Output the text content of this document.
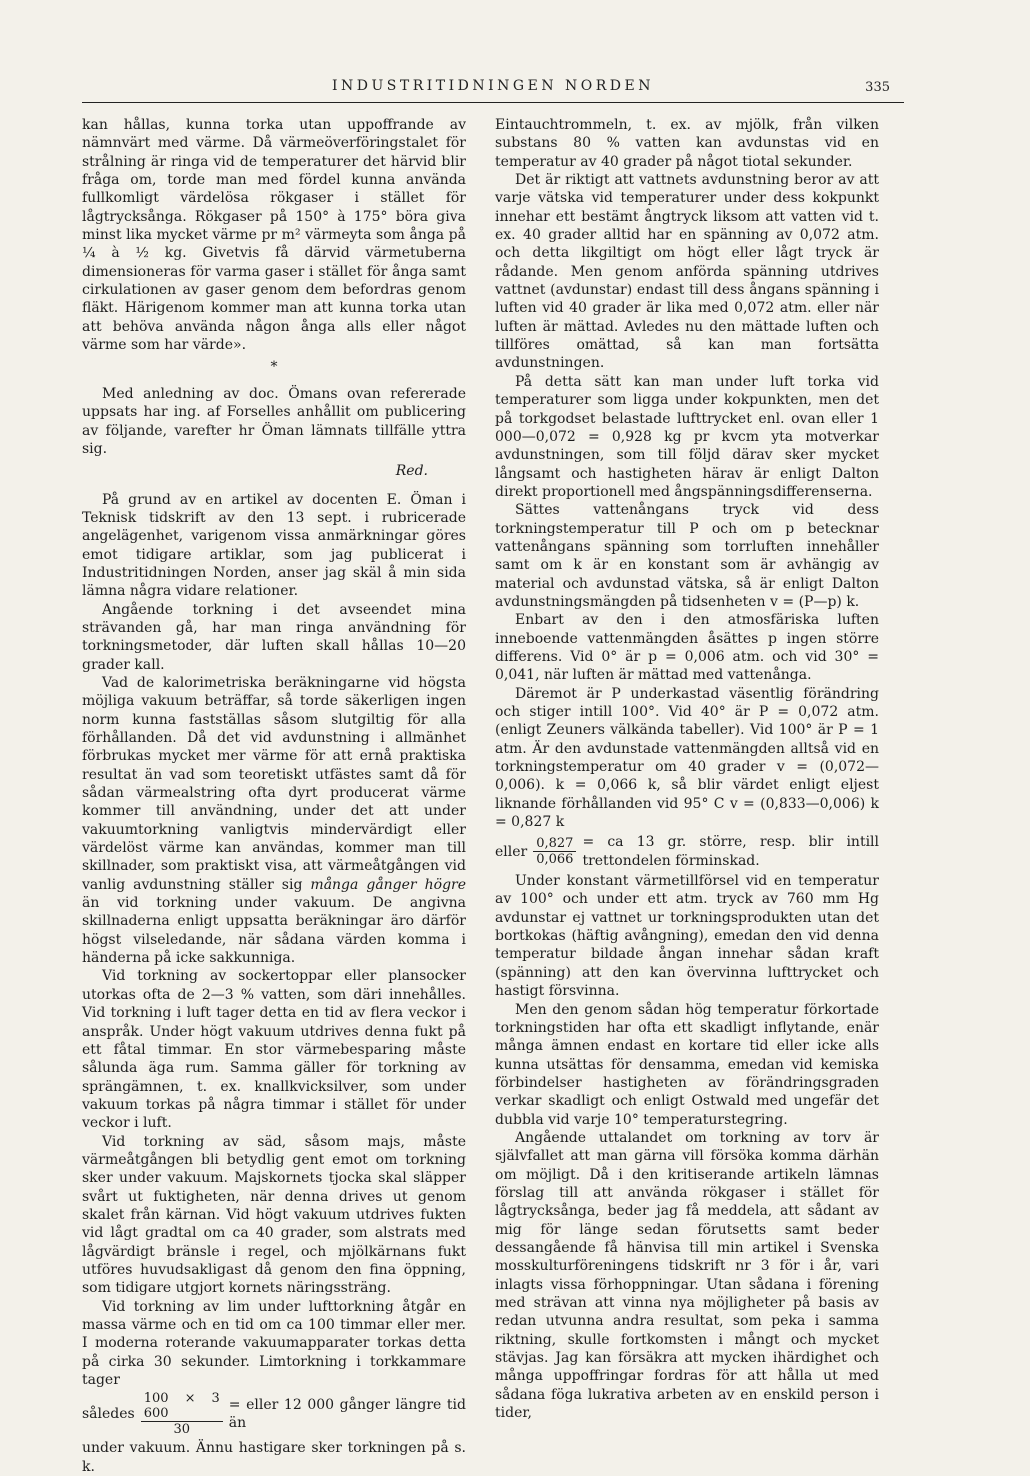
INDUSTRITIDNINGEN NORDEN	335

kan hållas, kunna torka utan uppoffrande av nämnvärt med värme. Då värmeöverföringstalet för strålning är ringa vid de temperaturer det härvid blir fråga om, torde man med fördel kunna använda fullkomligt värdelösa rökgaser i stället för lågtrycksånga. Rökgaser på 150° à 175° böra giva minst lika mycket värme pr m² värmeyta som ånga på ¼ à ½ kg. Givetvis få därvid värmetuberna dimensioneras för varma gaser i stället för ånga samt cirkulationen av gaser genom dem befordras genom fläkt. Härigenom kommer man att kunna torka utan att behöva använda någon ånga alls eller något värme som har värde».

*

Med anledning av doc. Ömans ovan refererade uppsats har ing. af Forselles anhållit om publicering av följande, varefter hr Öman lämnats tillfälle yttra sig.

Red.

På grund av en artikel av docenten E. Öman i Teknisk tidskrift av den 13 sept. i rubricerade angelägenhet, varigenom vissa anmärkningar göres emot tidigare artiklar, som jag publicerat i Industritidningen Norden, anser jag skäl å min sida lämna några vidare relationer.

Angående torkning i det avseendet mina strävanden gå, har man ringa användning för torkningsmetoder, där luften skall hållas 10—20 grader kall.

Vad de kalorimetriska beräkningarne vid högsta möjliga vakuum beträffar, så torde säkerligen ingen norm kunna fastställas såsom slutgiltig för alla förhållanden. Då det vid avdunstning i allmänhet förbrukas mycket mer värme för att ernå praktiska resultat än vad som teoretiskt utfästes samt då för sådan värmealstring ofta dyrt producerat värme kommer till användning, under det att under vakuumtorkning vanligtvis mindervärdigt eller värdelöst värme kan användas, kommer man till skillnader, som praktiskt visa, att värmeåtgången vid vanlig avdunstning ställer sig många gånger högre än vid torkning under vakuum. De angivna skillnaderna enligt uppsatta beräkningar äro därför högst vilseledande, när sådana värden komma i händerna på icke sakkunniga.

Vid torkning av sockertoppar eller plansocker utorkas ofta de 2—3 % vatten, som däri innehålles. Vid torkning i luft tager detta en tid av flera veckor i anspråk. Under högt vakuum utdrives denna fukt på ett fåtal timmar. En stor värmebesparing måste sålunda äga rum. Samma gäller för torkning av sprängämnen, t. ex. knallkvicksilver, som under vakuum torkas på några timmar i stället för under veckor i luft.

Vid torkning av säd, såsom majs, måste värmeåtgången bli betydlig gent emot om torkning sker under vakuum. Majskornets tjocka skal släpper svårt ut fuktigheten, när denna drives ut genom skalet från kärnan. Vid högt vakuum utdrives fukten vid lågt gradtal om ca 40 grader, som alstrats med lågvärdigt bränsle i regel, och mjölkärnans fukt utföres huvudsakligast då genom den fina öppning, som tidigare utgjort kornets näringssträng.

Vid torkning av lim under lufttorkning åtgår en massa värme och en tid om ca 100 timmar eller mer. I moderna roterande vakuumapparater torkas detta på cirka 30 sekunder. Limtorkning i torkkammare tager

således $\frac{100 \times 3 600}{30}$ = eller 12 000 gånger längre tid än

under vakuum. Ännu hastigare sker torkningen på s. k.

Eintauchtrommeln, t. ex. av mjölk, från vilken substans 80 % vatten kan avdunstas vid en temperatur av 40 grader på något tiotal sekunder.

Det är riktigt att vattnets avdunstning beror av att varje vätska vid temperaturer under dess kokpunkt innehar ett bestämt ångtryck liksom att vatten vid t. ex. 40 grader alltid har en spänning av 0,072 atm. och detta likgiltigt om högt eller lågt tryck är rådande. Men genom anförda spänning utdrives vattnet (avdunstar) endast till dess ångans spänning i luften vid 40 grader är lika med 0,072 atm. eller när luften är mättad. Avledes nu den mättade luften och tillföres omättad, så kan man fortsätta avdunstningen.

På detta sätt kan man under luft torka vid temperaturer som ligga under kokpunkten, men det på torkgodset belastade lufttrycket enl. ovan eller 1 000—0,072 = 0,928 kg pr kvcm yta motverkar avdunstningen, som till följd därav sker mycket långsamt och hastigheten härav är enligt Dalton direkt proportionell med ångspänningsdifferenserna.

Sättes vattenångans tryck vid dess torkningstemperatur till P och om p betecknar vattenångans spänning som torrluften innehåller samt om k är en konstant som är avhängig av material och avdunstad vätska, så är enligt Dalton avdunstningsmängden på tidsenheten v = (P—p) k.

Enbart av den i den atmosfäriska luften inneboende vattenmängden åsättes p ingen större differens. Vid 0° är p = 0,006 atm. och vid 30° = 0,041, när luften är mättad med vattenånga.

Däremot är P underkastad väsentlig förändring och stiger intill 100°. Vid 40° är P = 0,072 atm. (enligt Zeuners välkända tabeller). Vid 100° är P = 1 atm. Är den avdunstade vattenmängden alltså vid en torkningstemperatur om 40 grader v = (0,072—0,006). k = 0,066 k, så blir värdet enligt eljest liknande förhållanden vid 95° C v = (0,833—0,006) k = 0,827 k

eller $\frac{0,827}{0,066}$ = ca 13 gr. större, resp. blir intill trettondelen förminskad.

Under konstant värmetillförsel vid en temperatur av 100° och under ett atm. tryck av 760 mm Hg avdunstar ej vattnet ur torkningsprodukten utan det bortkokas (häftig avångning), emedan den vid denna temperatur bildade ångan innehar sådan kraft (spänning) att den kan övervinna lufttrycket och hastigt försvinna.

Men den genom sådan hög temperatur förkortade torkningstiden har ofta ett skadligt inflytande, enär många ämnen endast en kortare tid eller icke alls kunna utsättas för densamma, emedan vid kemiska förbindelser hastigheten av förändringsgraden verkar skadligt och enligt Ostwald med ungefär det dubbla vid varje 10° temperaturstegring.

Angående uttalandet om torkning av torv är självfallet att man gärna vill försöka komma därhän om möjligt. Då i den kritiserande artikeln lämnas förslag till att använda rökgaser i stället för lågtrycksånga, beder jag få meddela, att sådant av mig för länge sedan förutsetts samt beder dessangående få hänvisa till min artikel i Svenska mosskulturföreningens tidskrift nr 3 för i år, vari inlagts vissa förhoppningar. Utan sådana i förening med strävan att vinna nya möjligheter på basis av redan utvunna andra resultat, som peka i samma riktning, skulle fortkomsten i mångt och mycket stävjas. Jag kan försäkra att mycken ihärdighet och många uppoffringar fordras för att hålla ut med sådana föga lukrativa arbeten av en enskild person i tider,
